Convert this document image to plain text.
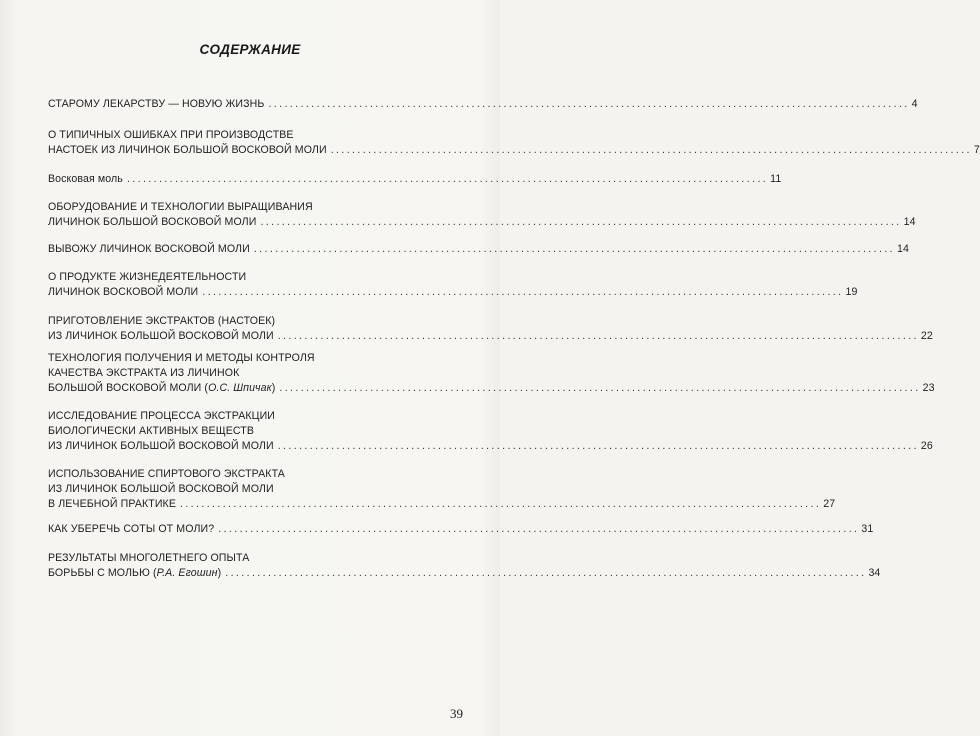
СОДЕРЖАНИЕ
СТАРОМУ ЛЕКАРСТВУ — НОВУЮ ЖИЗНЬ ........................................................................................................................ 4
О ТИПИЧНЫХ ОШИБКАХ ПРИ ПРОИЗВОДСТВЕ
НАСТОЕК ИЗ ЛИЧИНОК БОЛЬШОЙ ВОСКОВОЙ МОЛИ ........................................................................................................................ 7
Восковая моль ........................................................................................................................ 11
ОБОРУДОВАНИЕ И ТЕХНОЛОГИИ ВЫРАЩИВАНИЯ
ЛИЧИНОК БОЛЬШОЙ ВОСКОВОЙ МОЛИ ........................................................................................................................ 14
ВЫВОЖУ ЛИЧИНОК ВОСКОВОЙ МОЛИ ........................................................................................................................ 14
О ПРОДУКТЕ ЖИЗНЕДЕЯТЕЛЬНОСТИ
ЛИЧИНОК ВОСКОВОЙ МОЛИ ........................................................................................................................ 19
ПРИГОТОВЛЕНИЕ ЭКСТРАКТОВ (НАСТОЕК)
ИЗ ЛИЧИНОК БОЛЬШОЙ ВОСКОВОЙ МОЛИ ........................................................................................................................ 22
ТЕХНОЛОГИЯ ПОЛУЧЕНИЯ И МЕТОДЫ КОНТРОЛЯ
КАЧЕСТВА ЭКСТРАКТА ИЗ ЛИЧИНОК
БОЛЬШОЙ ВОСКОВОЙ МОЛИ (О.С. Шпичак) ........................................................................................................................ 23
ИССЛЕДОВАНИЕ ПРОЦЕССА ЭКСТРАКЦИИ
БИОЛОГИЧЕСКИ АКТИВНЫХ ВЕЩЕСТВ
ИЗ ЛИЧИНОК БОЛЬШОЙ ВОСКОВОЙ МОЛИ ........................................................................................................................ 26
ИСПОЛЬЗОВАНИЕ СПИРТОВОГО ЭКСТРАКТА
ИЗ ЛИЧИНОК БОЛЬШОЙ ВОСКОВОЙ МОЛИ
В ЛЕЧЕБНОЙ ПРАКТИКЕ ........................................................................................................................ 27
КАК УБЕРЕЧЬ СОТЫ ОТ МОЛИ? ........................................................................................................................ 31
РЕЗУЛЬТАТЫ МНОГОЛЕТНЕГО ОПЫТА
БОРЬБЫ С МОЛЬЮ (Р.А. Егошин) ........................................................................................................................ 34
39
